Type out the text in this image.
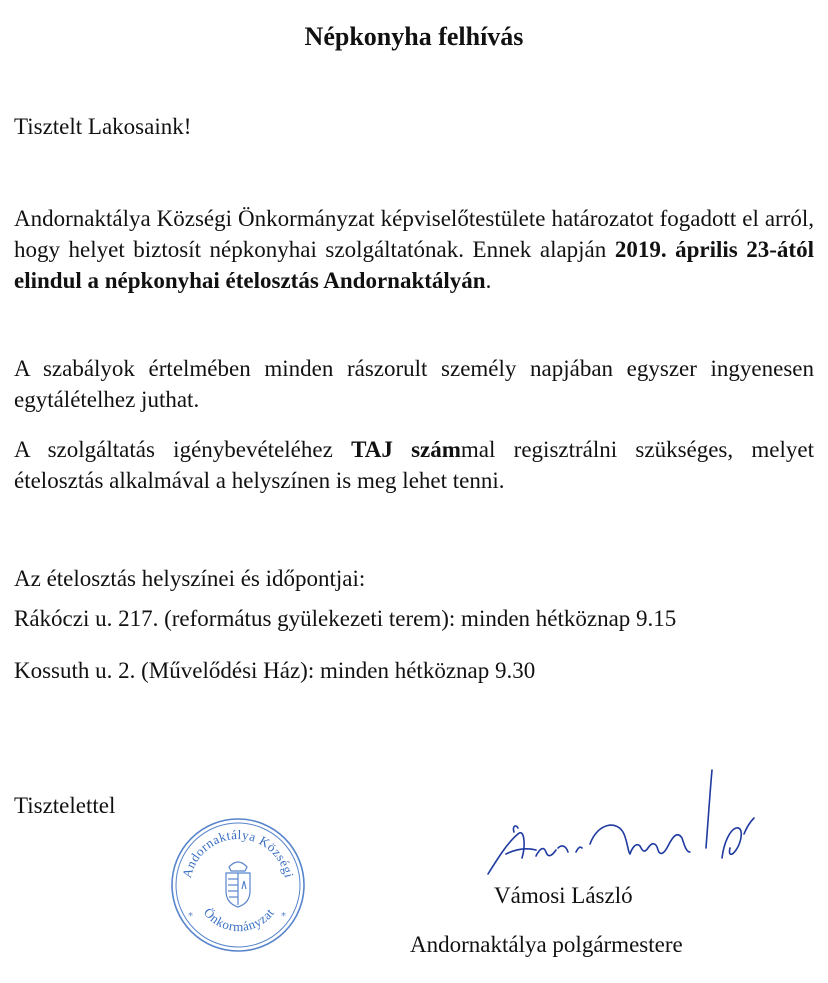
Népkonyha felhívás
Tisztelt Lakosaink!
Andornaktálya Községi Önkormányzat képviselőtestülete határozatot fogadott el arról, hogy helyet biztosít népkonyhai szolgáltatónak. Ennek alapján 2019. április 23-ától elindul a népkonyhai ételosztás Andornaktályán.
A szabályok értelmében minden rászorult személy napjában egyszer ingyenesen egytálételhez juthat.
A szolgáltatás igénybevételéhez TAJ számmal regisztrálni szükséges, melyet ételosztás alkalmával a helyszínen is meg lehet tenni.
Az ételosztás helyszínei és időpontjai:
Rákóczi u. 217. (református gyülekezeti terem): minden hétköznap 9.15
Kossuth u. 2. (Művelődési Ház): minden hétköznap 9.30
Tisztelettel
Andornaktálya Községi
Önkormányzat
*	*
Vámosi László
Andornaktálya polgármestere
